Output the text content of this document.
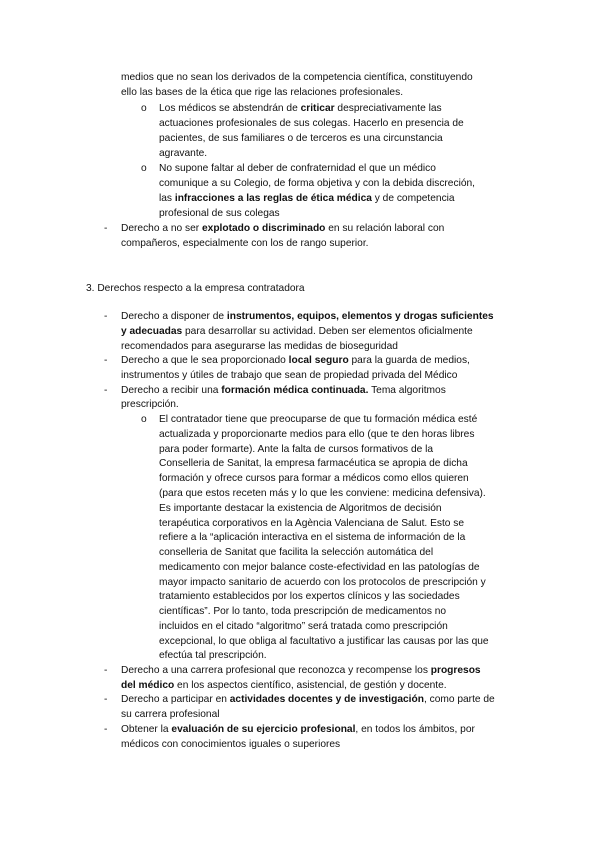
medios que no sean los derivados de la competencia científica, constituyendo
ello las bases de la ética que rige las relaciones profesionales.
o Los médicos se abstendrán de criticar despreciativamente las
actuaciones profesionales de sus colegas. Hacerlo en presencia de
pacientes, de sus familiares o de terceros es una circunstancia
agravante.
o No supone faltar al deber de confraternidad el que un médico
comunique a su Colegio, de forma objetiva y con la debida discreción,
las infracciones a las reglas de ética médica y de competencia
profesional de sus colegas
- Derecho a no ser explotado o discriminado en su relación laboral con
compañeros, especialmente con los de rango superior.
3. Derechos respecto a la empresa contratadora
- Derecho a disponer de instrumentos, equipos, elementos y drogas suficientes
y adecuadas para desarrollar su actividad. Deben ser elementos oficialmente
recomendados para asegurarse las medidas de bioseguridad
- Derecho a que le sea proporcionado local seguro para la guarda de medios,
instrumentos y útiles de trabajo que sean de propiedad privada del Médico
- Derecho a recibir una formación médica continuada. Tema algoritmos
prescripción.
o El contratador tiene que preocuparse de que tu formación médica esté
actualizada y proporcionarte medios para ello (que te den horas libres
para poder formarte). Ante la falta de cursos formativos de la
Conselleria de Sanitat, la empresa farmacéutica se apropia de dicha
formación y ofrece cursos para formar a médicos como ellos quieren
(para que estos receten más y lo que les conviene: medicina defensiva).
Es importante destacar la existencia de Algoritmos de decisión
terapéutica corporativos en la Agència Valenciana de Salut. Esto se
refiere a la “aplicación interactiva en el sistema de información de la
conselleria de Sanitat que facilita la selección automática del
medicamento con mejor balance coste-efectividad en las patologías de
mayor impacto sanitario de acuerdo con los protocolos de prescripción y
tratamiento establecidos por los expertos clínicos y las sociedades
científicas”. Por lo tanto, toda prescripción de medicamentos no
incluidos en el citado “algoritmo” será tratada como prescripción
excepcional, lo que obliga al facultativo a justificar las causas por las que
efectúa tal prescripción.
- Derecho a una carrera profesional que reconozca y recompense los progresos
del médico en los aspectos científico, asistencial, de gestión y docente.
- Derecho a participar en actividades docentes y de investigación, como parte de
su carrera profesional
- Obtener la evaluación de su ejercicio profesional, en todos los ámbitos, por
médicos con conocimientos iguales o superiores
